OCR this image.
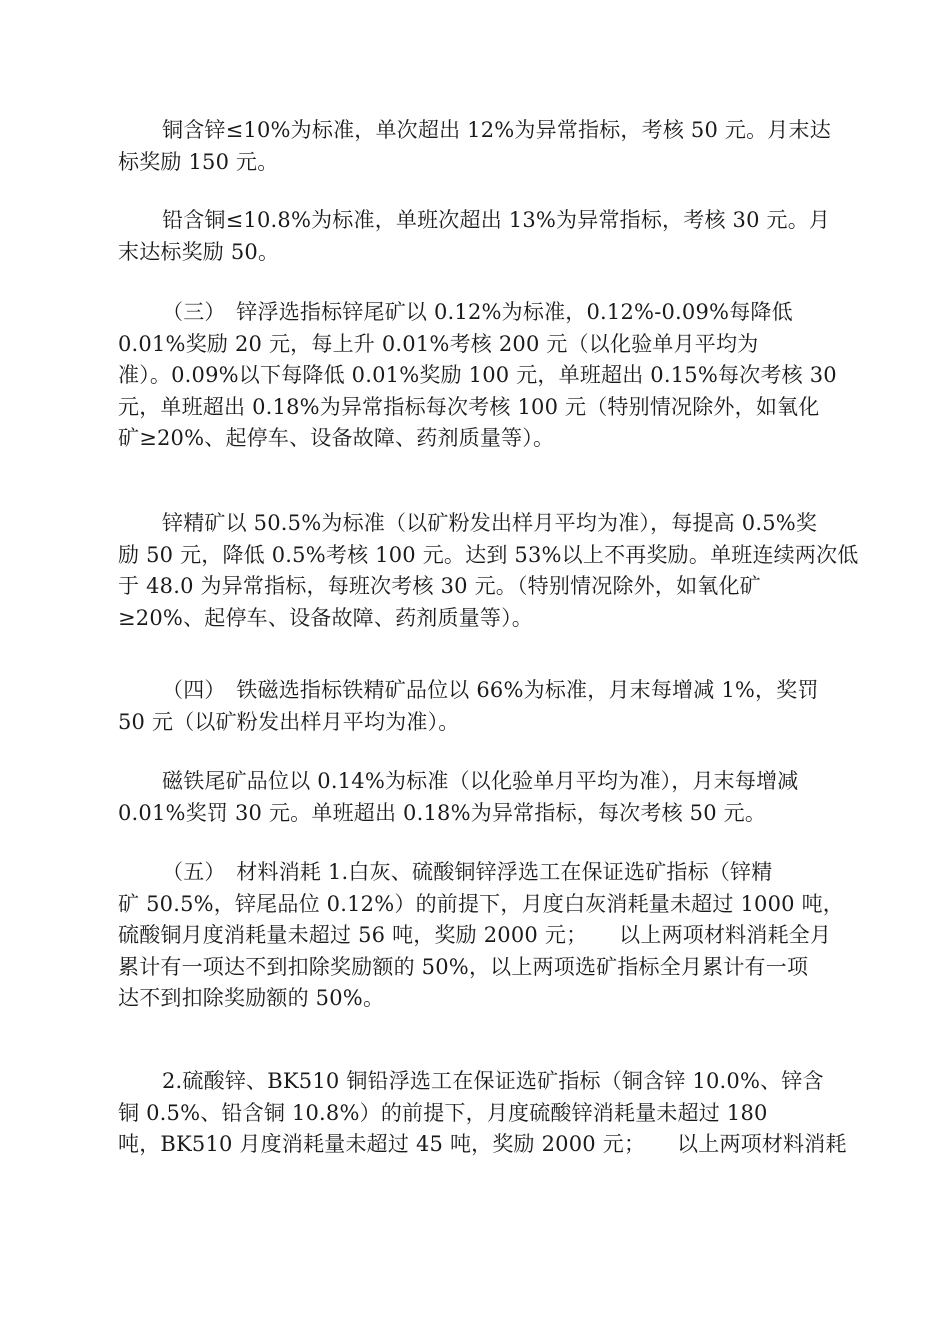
铜含锌≤10%为标准，单次超出 12%为异常指标，考核 50 元。月末达
标奖励 150 元。

铅含铜≤10.8%为标准，单班次超出 13%为异常指标，考核 30 元。月
末达标奖励 50。

（三）　锌浮选指标锌尾矿以 0.12%为标准，0.12%-0.09%每降低
0.01%奖励 20 元，每上升 0.01%考核 200 元（以化验单月平均为
准）。0.09%以下每降低 0.01%奖励 100 元，单班超出 0.15%每次考核 30
元，单班超出 0.18%为异常指标每次考核 100 元（特别情况除外，如氧化
矿≥20%、起停车、设备故障、药剂质量等）。

锌精矿以 50.5%为标准（以矿粉发出样月平均为准），每提高 0.5%奖
励 50 元，降低 0.5%考核 100 元。达到 53%以上不再奖励。单班连续两次低
于 48.0 为异常指标，每班次考核 30 元。（特别情况除外，如氧化矿
≥20%、起停车、设备故障、药剂质量等）。

（四）　铁磁选指标铁精矿品位以 66%为标准，月末每增减 1%，奖罚
50 元（以矿粉发出样月平均为准）。

磁铁尾矿品位以 0.14%为标准（以化验单月平均为准），月末每增减
0.01%奖罚 30 元。单班超出 0.18%为异常指标，每次考核 50 元。

（五）　材料消耗 1.白灰、硫酸铜锌浮选工在保证选矿指标（锌精
矿 50.5%，锌尾品位 0.12%）的前提下，月度白灰消耗量未超过 1000 吨，
硫酸铜月度消耗量未超过 56 吨，奖励 2000 元；　　以上两项材料消耗全月
累计有一项达不到扣除奖励额的 50%，以上两项选矿指标全月累计有一项
达不到扣除奖励额的 50%。

2.硫酸锌、BK510 铜铅浮选工在保证选矿指标（铜含锌 10.0%、锌含
铜 0.5%、铅含铜 10.8%）的前提下，月度硫酸锌消耗量未超过 180
吨，BK510 月度消耗量未超过 45 吨，奖励 2000 元；　　以上两项材料消耗
